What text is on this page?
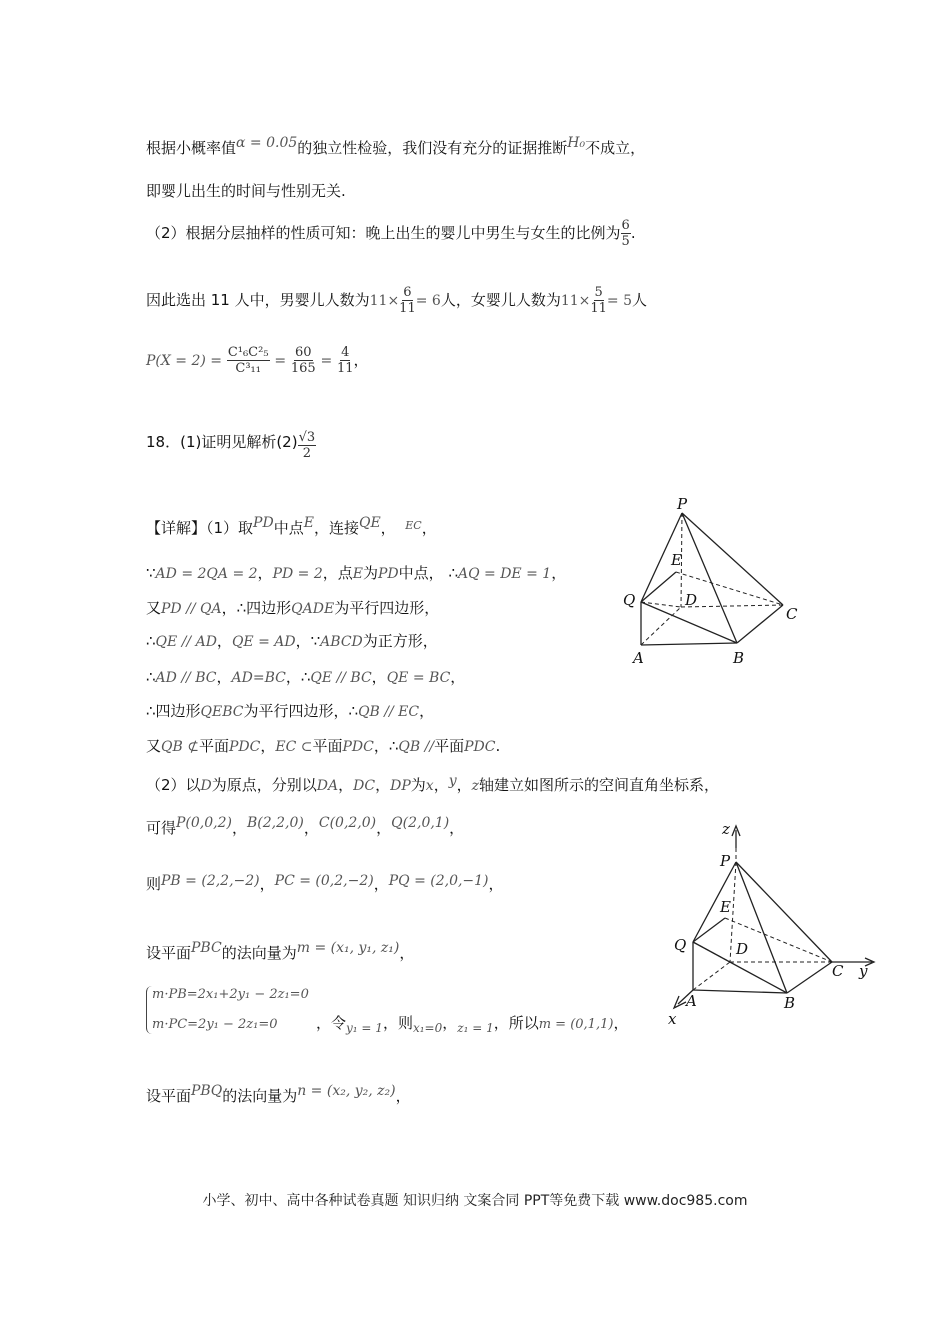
根据小概率值α = 0.05的独立性检验，我们没有充分的证据推断H₀不成立，
即婴儿出生的时间与性别无关.
（2）根据分层抽样的性质可知：晚上出生的婴儿中男生与女生的比例为 $\frac{6}{5}$ .
因此选出 11 人中，男婴儿人数为$11\times \frac{6}{11} = 6$人，女婴儿人数为$11\times \frac{5}{11} = 5$人
$P(X = 2) = \frac{\text{C¹₆C²₅}}{\text{C³₁₁}} = \frac{60}{165} = \frac{4}{11}$ ，
18．(1)证明见解析$(2) \frac{√3}{2}$
【详解】（1）取PD中点E，连接QE， $^{EC}$，
∵AD = 2QA = 2，PD = 2，点E为PD中点， ∴AQ = DE = 1，
又PD // QA，∴四边形QADE为平行四边形，
∴QE // AD，QE = AD，∵ABCD为正方形，
∴AD // BC，AD=BC，∴QE // BC，QE = BC，
∴四边形QEBC为平行四边形，∴QB // EC，
又QB ⊄平面PDC，EC ⊂平面PDC，∴QB //平面PDC.
（2）以D为原点，分别以DA，DC，DP为x，y，z轴建立如图所示的空间直角坐标系，
可得P(0,0,2)，B(2,2,0)，C(0,2,0)，Q(2,0,1)，
则PB = (2,2,−2)，PC = (0,2,−2)，PQ = (2,0,−1)，
设平面PBC的法向量为m = (x₁, y₁, z₁)，
m·PB=2x₁+2y₁ − 2z₁=0
m·PC=2y₁ − 2z₁=0	，令$_{y_1 = 1}$，则$_{x_1=0}$，$_{z_1 = 1}$，所以m = (0,1,1)，
设平面PBQ的法向量为n = (x₂, y₂, z₂)，
P
E
Q	D
C
A	B
z
P
E
Q	D
C y
A	B
x
小学、初中、高中各种试卷真题 知识归纳 文案合同 PPT等免费下载 www.doc985.com
